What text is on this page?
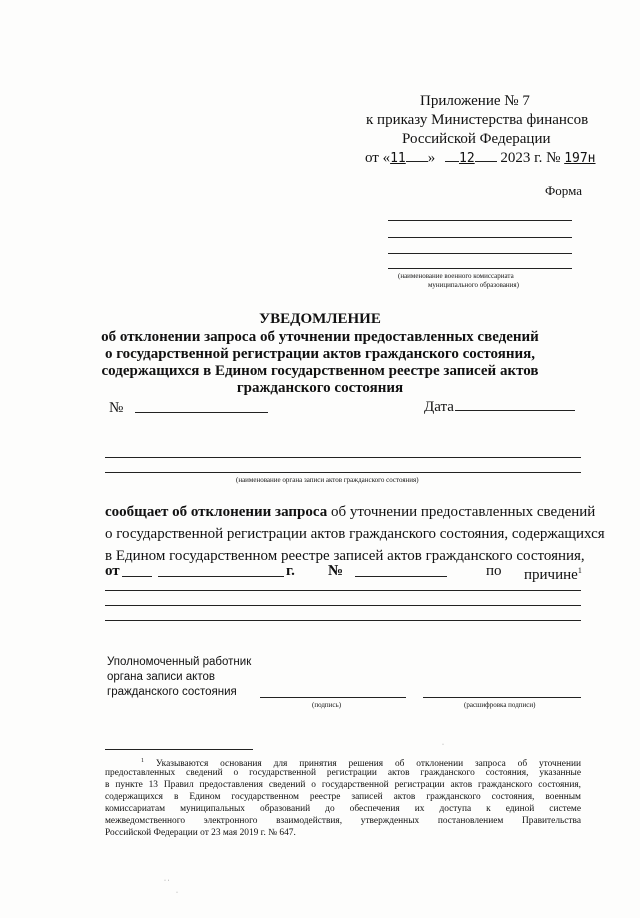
Приложение № 7
к приказу Министерства финансов
Российской Федерации
от «11 » 12 2023 г. № 197н
Форма
(наименование военного комиссариата
муниципального образования)
УВЕДОМЛЕНИЕ
об отклонении запроса об уточнении предоставленных сведений
о государственной регистрации актов гражданского состояния,
содержащихся в Едином государственном реестре записей актов
гражданского состояния
№	Дата
(наименование органа записи актов гражданского состояния)
сообщает об отклонении запроса об уточнении предоставленных сведений
о государственной регистрации актов гражданского состояния, содержащихся
в Едином государственном реестре записей актов гражданского состояния,
от	г. №	по причине$^1$
Уполномоченный работник
органа записи актов
гражданского состояния
(подпись)	(расшифровка подписи)
$^1$ Указываются основания для принятия решения об отклонении запроса об уточнении
предоставленных сведений о государственной регистрации актов гражданского состояния, указанные
в пункте 13 Правил предоставления сведений о государственной регистрации актов гражданского состояния,
содержащихся в Едином государственном реестре записей актов гражданского состояния, военным
комиссариатам муниципальных образований до обеспечения их доступа к единой системе
межведомственного электронного взаимодействия, утвержденных постановлением Правительства
Российской Федерации от 23 мая 2019 г. № 647.
· ·
·
·
